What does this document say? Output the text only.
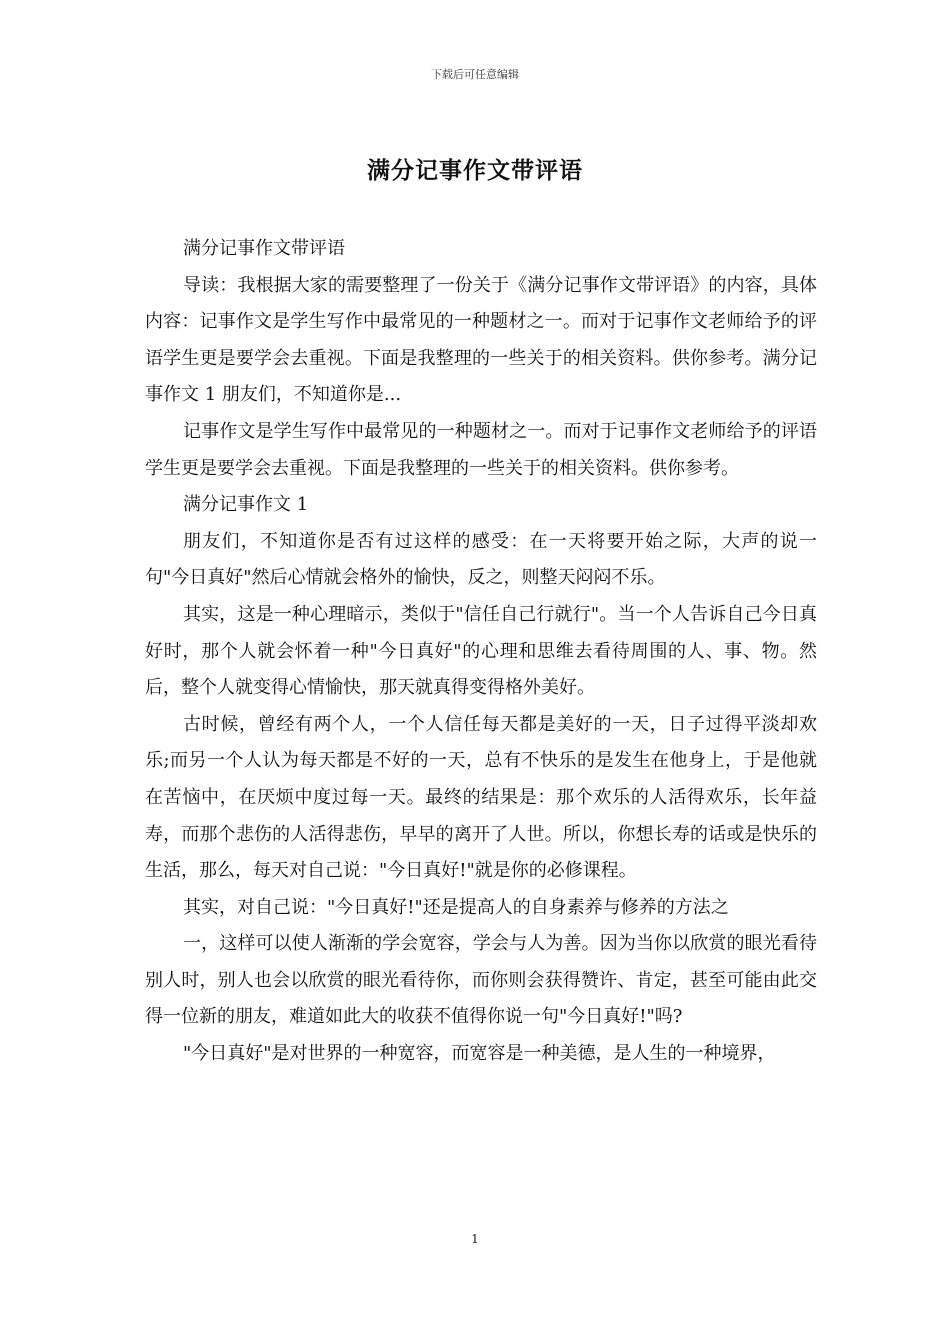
下载后可任意编辑
满分记事作文带评语

满分记事作文带评语

导读：我根据大家的需要整理了一份关于《满分记事作文带评语》的内容，具体内容：记事作文是学生写作中最常见的一种题材之一。而对于记事作文老师给予的评语学生更是要学会去重视。下面是我整理的一些关于的相关资料。供你参考。满分记事作文 1 朋友们，不知道你是...

记事作文是学生写作中最常见的一种题材之一。而对于记事作文老师给予的评语学生更是要学会去重视。下面是我整理的一些关于的相关资料。供你参考。

满分记事作文 1

朋友们，不知道你是否有过这样的感受：在一天将要开始之际，大声的说一句"今日真好"然后心情就会格外的愉快，反之，则整天闷闷不乐。

其实，这是一种心理暗示，类似于"信任自己行就行"。当一个人告诉自己今日真好时，那个人就会怀着一种"今日真好"的心理和思维去看待周围的人、事、物。然后，整个人就变得心情愉快，那天就真得变得格外美好。

古时候，曾经有两个人，一个人信任每天都是美好的一天，日子过得平淡却欢乐;而另一个人认为每天都是不好的一天，总有不快乐的是发生在他身上，于是他就在苦恼中，在厌烦中度过每一天。最终的结果是：那个欢乐的人活得欢乐，长年益寿，而那个悲伤的人活得悲伤，早早的离开了人世。所以，你想长寿的话或是快乐的生活，那么，每天对自己说："今日真好!"就是你的必修课程。

其实，对自己说："今日真好!"还是提高人的自身素养与修养的方法之

一，这样可以使人渐渐的学会宽容，学会与人为善。因为当你以欣赏的眼光看待别人时，别人也会以欣赏的眼光看待你，而你则会获得赞许、肯定，甚至可能由此交得一位新的朋友，难道如此大的收获不值得你说一句"今日真好!"吗?

"今日真好"是对世界的一种宽容，而宽容是一种美德，是人生的一种境界，

1
